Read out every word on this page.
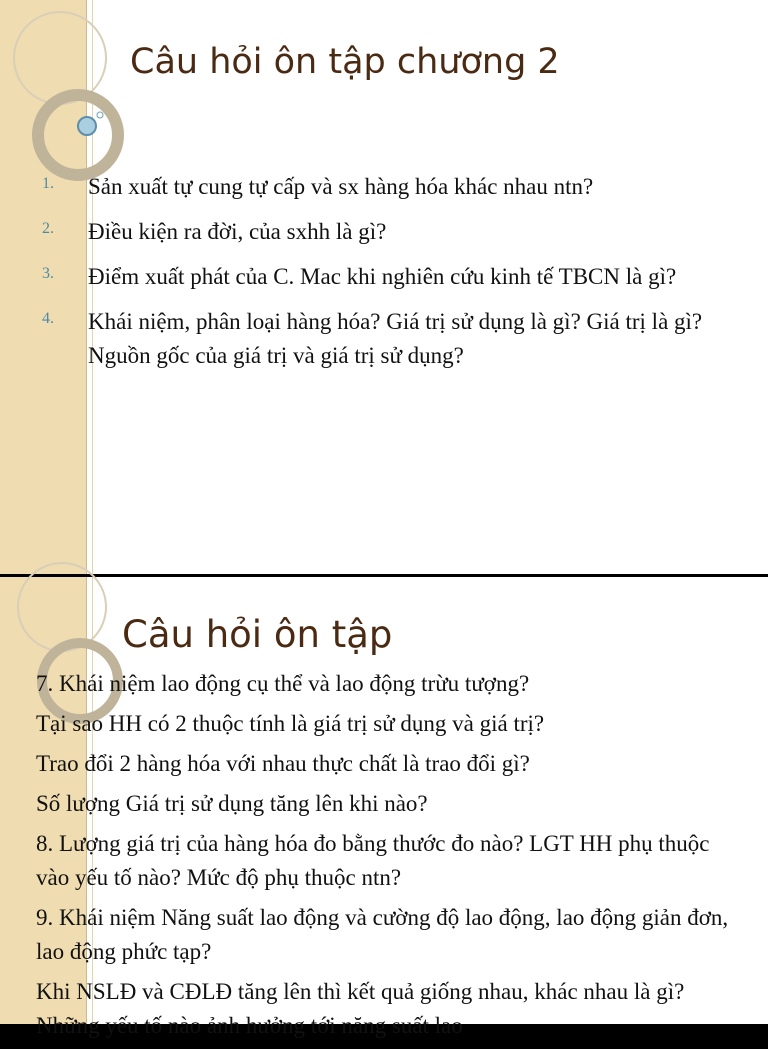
Câu hỏi ôn tập chương 2
1.	Sản xuất tự cung tự cấp và sx hàng hóa khác nhau ntn?
2.	Điều kiện ra đời, của sxhh là gì?
3.	Điểm xuất phát của C. Mac khi nghiên cứu kinh tế TBCN là gì?
4.	Khái niệm, phân loại hàng hóa? Giá trị sử dụng là gì? Giá trị là gì? Nguồn gốc của giá trị và giá trị sử dụng?
Câu hỏi ôn tập

7. Khái niệm lao động cụ thể và lao động trừu tượng?

Tại sao HH có 2 thuộc tính là giá trị sử dụng và giá trị?

Trao đổi 2 hàng hóa với nhau thực chất là trao đổi gì?

Số lượng Giá trị sử dụng tăng lên khi nào?

8. Lượng giá trị của hàng hóa đo bằng thước đo nào? LGT HH phụ thuộc vào yếu tố nào? Mức độ phụ thuộc ntn?

9. Khái niệm Năng suất lao động và cường độ lao động, lao động giản đơn, lao động phức tạp?

Khi NSLĐ và CĐLĐ tăng lên thì kết quả giống nhau, khác nhau là gì? Những yếu tố nào ảnh hưởng tới năng suất lao
